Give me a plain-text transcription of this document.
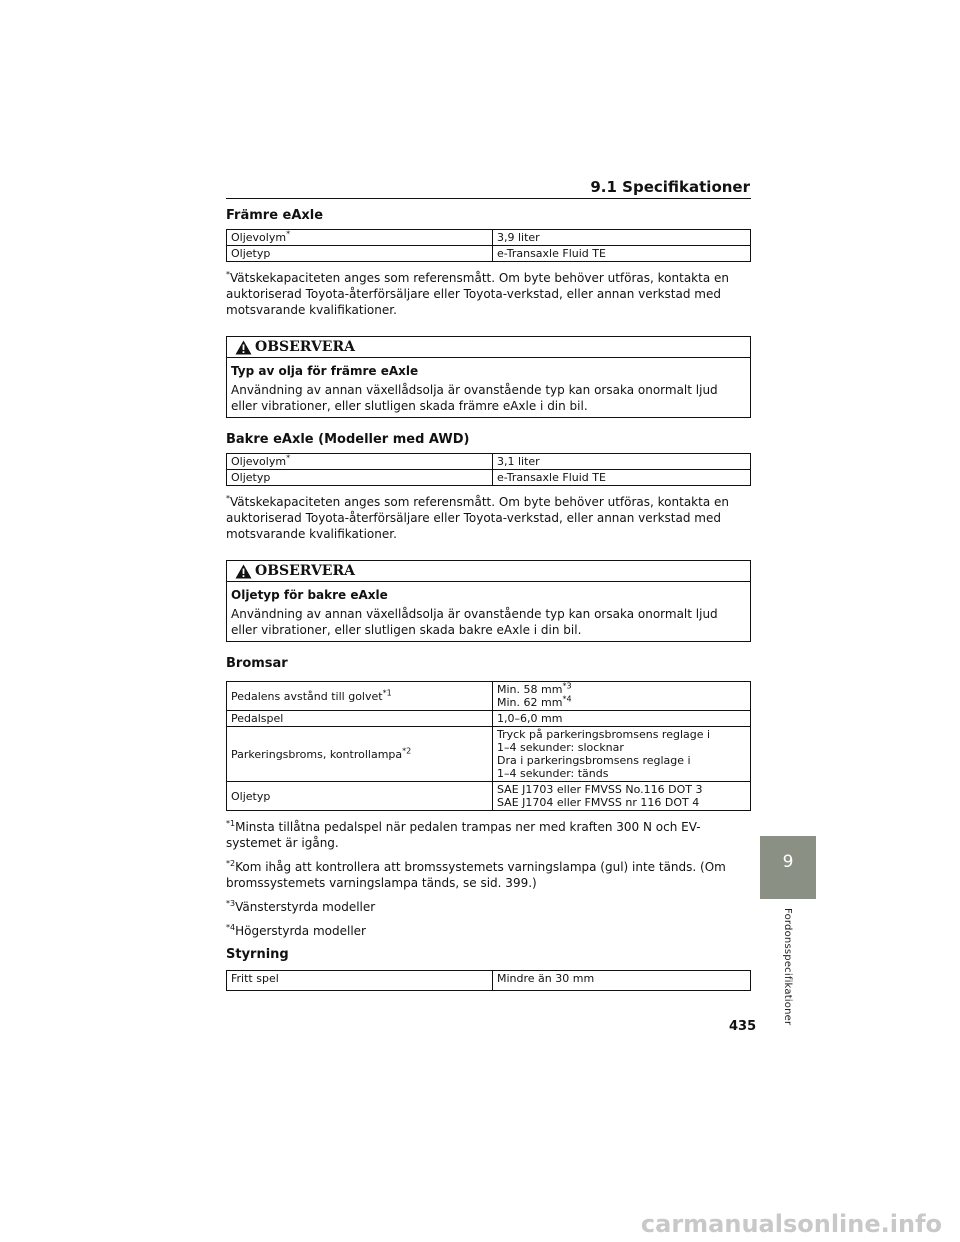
9.1 Specifikationer
9
Fordonsspecifikationer
435
carmanualsonline.info
Främre eAxle
Oljevolym*	3,9 liter
Oljetyp	e-Transaxle Fluid TE

*Vätskekapaciteten anges som referensmått. Om byte behöver utföras, kontakta en auktoriserad Toyota-återförsäljare eller Toyota-verkstad, eller annan verkstad med motsvarande kvalifikationer.

OBSERVERA
Typ av olja för främre eAxle
Användning av annan växellådsolja är ovanstående typ kan orsaka onormalt ljud eller vibrationer, eller slutligen skada främre eAxle i din bil.
Bakre eAxle (Modeller med AWD)
Oljevolym*	3,1 liter
Oljetyp	e-Transaxle Fluid TE

*Vätskekapaciteten anges som referensmått. Om byte behöver utföras, kontakta en auktoriserad Toyota-återförsäljare eller Toyota-verkstad, eller annan verkstad med motsvarande kvalifikationer.

OBSERVERA
Oljetyp för bakre eAxle
Användning av annan växellådsolja är ovanstående typ kan orsaka onormalt ljud eller vibrationer, eller slutligen skada bakre eAxle i din bil.
Bromsar
Pedalens avstånd till golvet$^{*1}$	Min. 58 $mm^{*3}$
Min. 62 $mm^{*4}$

Pedalspel	1,0–6,0 mm
Parkeringsbroms, kontrollampa$^{*2}$	Tryck på parkeringsbromsens reglage i
1–4 sekunder: slocknar
Dra i parkeringsbromsens reglage i
1–4 sekunder: tänds

Oljetyp	SAE J1703 eller FMVSS No.116 DOT 3
SAE J1704 eller FMVSS nr 116 DOT 4

$^{*1}$Minsta tillåtna pedalspel när pedalen trampas ner med kraften 300 N och EV-systemet är igång.

$^{*2}$Kom ihåg att kontrollera att bromssystemets varningslampa (gul) inte tänds. (Om bromssystemets varningslampa tänds, se sid. 399.)

$^{*3}$Vänsterstyrda modeller

$^{*4}$Högerstyrda modeller

Styrning
Fritt spel	Mindre än 30 mm
